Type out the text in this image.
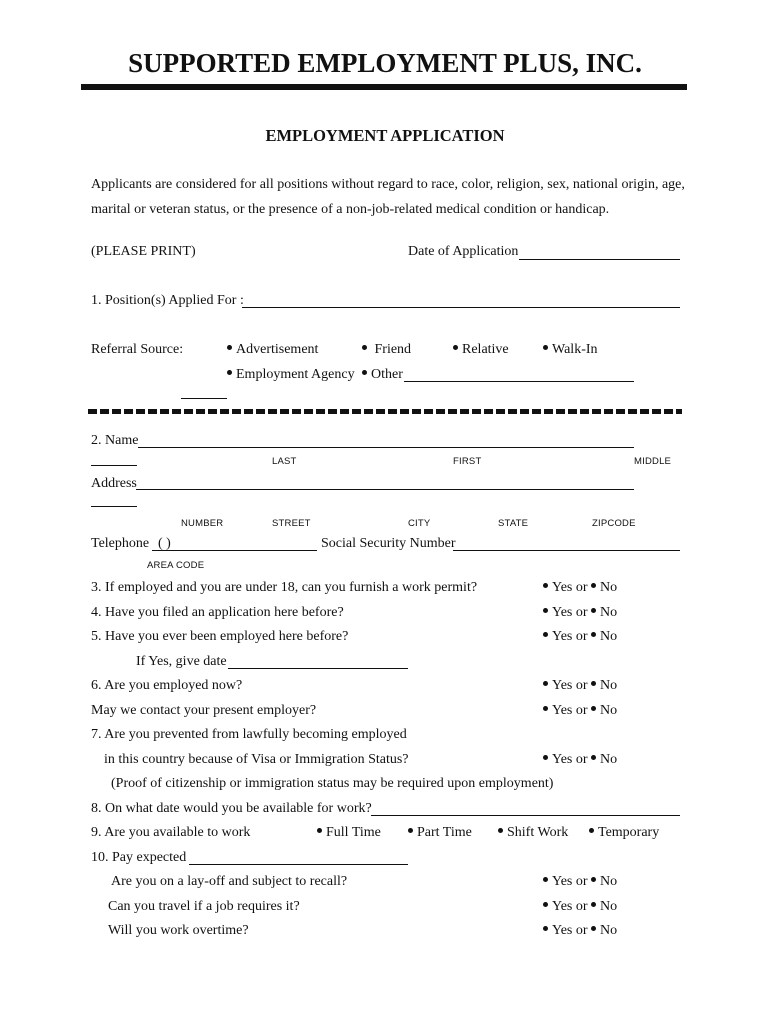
SUPPORTED EMPLOYMENT PLUS, INC.
EMPLOYMENT APPLICATION
Applicants are considered for all positions without regard to race, color, religion, sex, national origin, age,
marital or veteran status, or the presence of a non-job-related medical condition or handicap.
(PLEASE PRINT)	Date of Application
1. Position(s) Applied For :
Referral Source:	Advertisement	Friend	Relative	Walk-In
Employment Agency	Other
2. Name
LAST	FIRST	MIDDLE
Address
NUMBER	STREET	CITY	STATE	ZIPCODE
Telephone ( )	Social Security Number
AREA CODE
3. If employed and you are under 18, can you furnish a work permit?	Yes or No
4. Have you filed an application here before?	Yes or No
5. Have you ever been employed here before?	Yes or No
If Yes, give date
6. Are you employed now?	Yes or No
May we contact your present employer?	Yes or No
7. Are you prevented from lawfully becoming employed
in this country because of Visa or Immigration Status?	Yes or No
(Proof of citizenship or immigration status may be required upon employment)
8. On what date would you be available for work?
9. Are you available to work	Full Time	Part Time	Shift Work	Temporary
10. Pay expected
Are you on a lay-off and subject to recall?	Yes or No
Can you travel if a job requires it?	Yes or No
Will you work overtime?	Yes or No
